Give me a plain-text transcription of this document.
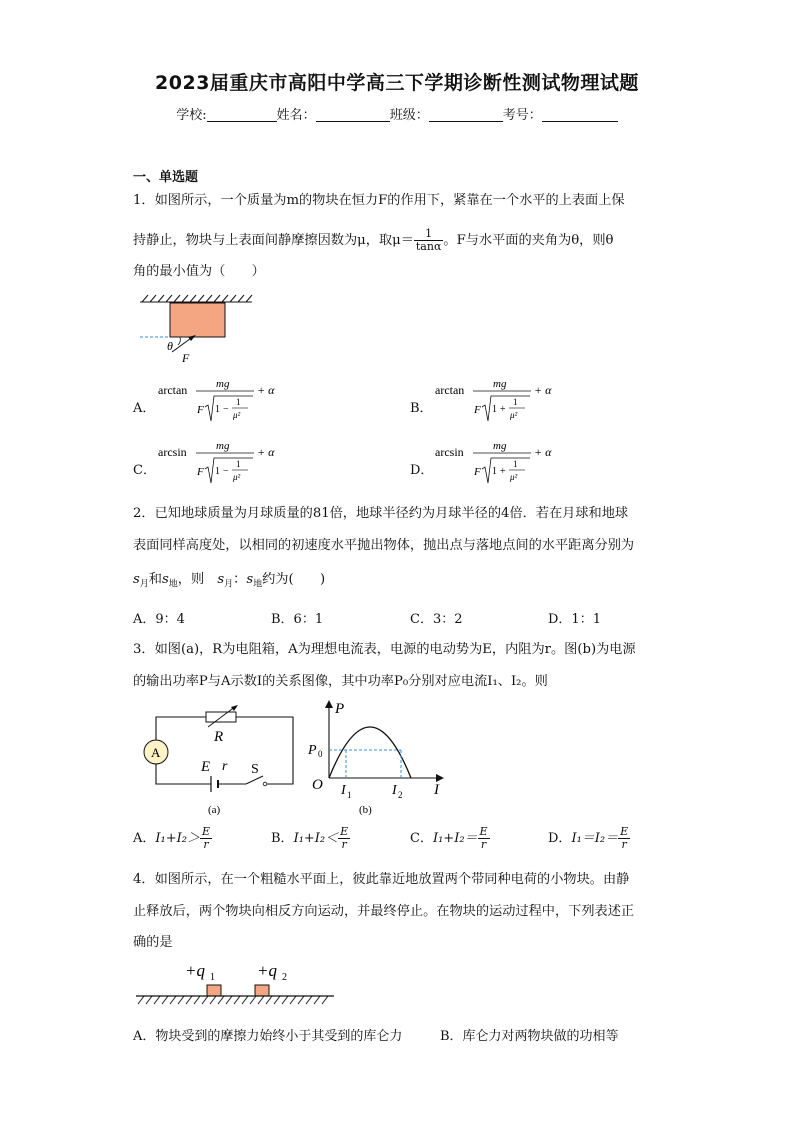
2023届重庆市高阳中学高三下学期诊断性测试物理试题
学校:	姓名：	班级：	考号：
一、单选题
1．如图所示，一个质量为m的物块在恒力F的作用下，紧靠在一个水平的上表面上保
持静止，物块与上表面间静摩擦因数为μ，取$\mu= \frac{1}{\tan\alpha}$ 。F与水平面的夹角为θ，则θ
角的最小值为（　　）
θ
F
A．
arctan	mg
F 1 −
1
μ²
+ α
B．
arctan	mg
F 1 +
1
μ²
+ α
C．
arcsin	mg
F 1 −
1
μ²
+ α
D．
arcsin	mg
F 1 +
1
μ²
+ α
2．已知地球质量为月球质量的81倍，地球半径约为月球半径的4倍．若在月球和地球
表面同样高度处，以相同的初速度水平抛出物体，抛出点与落地点间的水平距离分别为
$s_月$和$s_地$，则　$s_月$：$s_地$约为(　　)
A．9：4	B．6：1	C．3：2	D．1：1
3．如图(a)，R为电阻箱，A为理想电流表，电源的电动势为E，内阻为r。图(b)为电源
的输出功率P与A示数I的关系图像，其中功率P₀分别对应电流I₁、I₂。则
A
R
E r S
(a)
P
P 0
O I 1	I 2 I
(b)
A．$I_1+I_2> \frac{E}{r}$	B．$I_1+I_2< \frac{E}{r}$	C．$I_1+I_2= \frac{E}{r}$	D．$I_1=I_2= \frac{E}{r}$
4．如图所示，在一个粗糙水平面上，彼此靠近地放置两个带同种电荷的小物块。由静
止释放后，两个物块向相反方向运动，并最终停止。在物块的运动过程中，下列表述正
确的是
+q 1 +q 2
A．物块受到的摩擦力始终小于其受到的库仑力	B．库仑力对两物块做的功相等
